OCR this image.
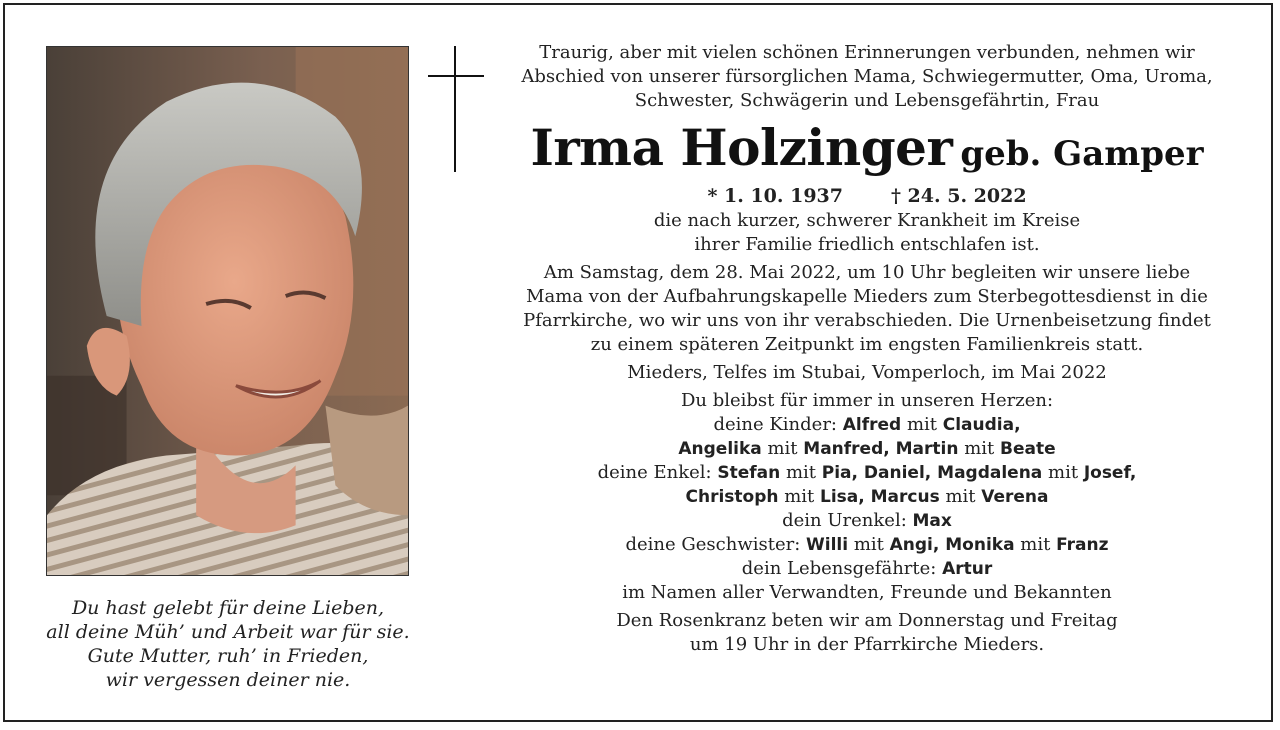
Du hast gelebt für deine Lieben,
all deine Müh’ und Arbeit war für sie.
Gute Mutter, ruh’ in Frieden,
wir vergessen deiner nie.
Traurig, aber mit vielen schönen Erinnerungen verbunden, nehmen wir
Abschied von unserer fürsorglichen Mama, Schwiegermutter, Oma, Uroma,
Schwester, Schwägerin und Lebensgefährtin, Frau
Irma Holzinger geb. Gamper
* 1. 10. 1937	† 24. 5. 2022
die nach kurzer, schwerer Krankheit im Kreise
ihrer Familie friedlich entschlafen ist.
Am Samstag, dem 28. Mai 2022, um 10 Uhr begleiten wir unsere liebe
Mama von der Aufbahrungskapelle Mieders zum Sterbegottesdienst in die
Pfarrkirche, wo wir uns von ihr verabschieden. Die Urnenbeisetzung findet
zu einem späteren Zeitpunkt im engsten Familienkreis statt.
Mieders, Telfes im Stubai, Vomperloch, im Mai 2022
Du bleibst für immer in unseren Herzen:
deine Kinder: Alfred mit Claudia,
Angelika mit Manfred, Martin mit Beate
deine Enkel: Stefan mit Pia, Daniel, Magdalena mit Josef,
Christoph mit Lisa, Marcus mit Verena
dein Urenkel: Max
deine Geschwister: Willi mit Angi, Monika mit Franz
dein Lebensgefährte: Artur
im Namen aller Verwandten, Freunde und Bekannten
Den Rosenkranz beten wir am Donnerstag und Freitag
um 19 Uhr in der Pfarrkirche Mieders.
